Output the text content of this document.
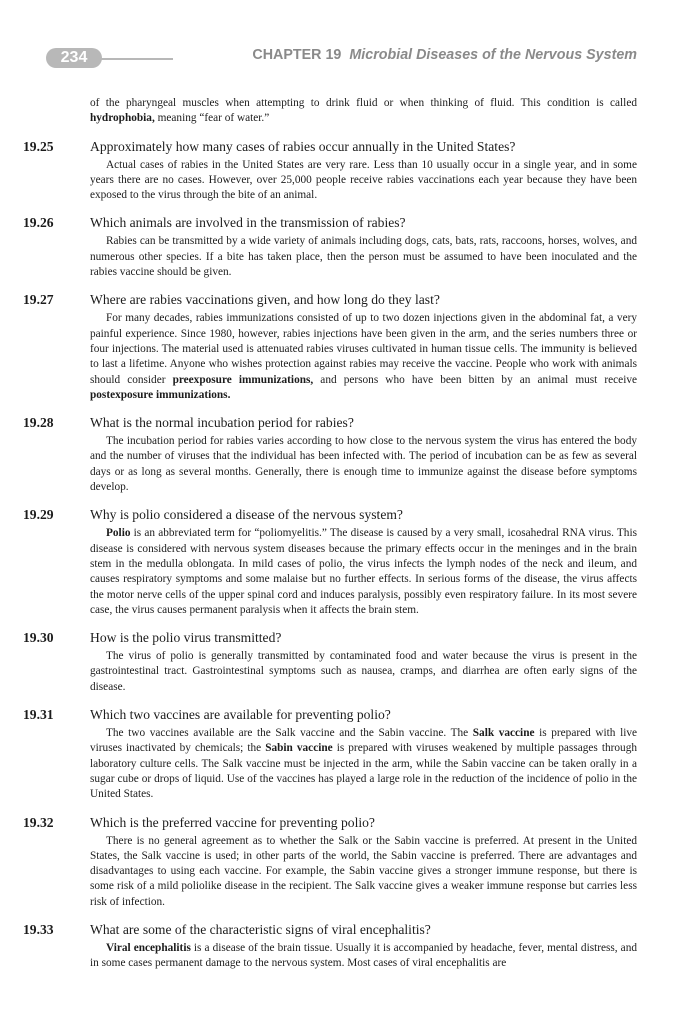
234	CHAPTER 19 Microbial Diseases of the Nervous System

of the pharyngeal muscles when attempting to drink fluid or when thinking of fluid. This condition is called hydrophobia, meaning “fear of water.”

19.25	Approximately how many cases of rabies occur annually in the United States?

Actual cases of rabies in the United States are very rare. Less than 10 usually occur in a single year, and in some years there are no cases. However, over 25,000 people receive rabies vaccinations each year because they have been exposed to the virus through the bite of an animal.

19.26	Which animals are involved in the transmission of rabies?

Rabies can be transmitted by a wide variety of animals including dogs, cats, bats, rats, raccoons, horses, wolves, and numerous other species. If a bite has taken place, then the person must be assumed to have been inoculated and the rabies vaccine should be given.

19.27	Where are rabies vaccinations given, and how long do they last?

For many decades, rabies immunizations consisted of up to two dozen injections given in the abdominal fat, a very painful experience. Since 1980, however, rabies injections have been given in the arm, and the series numbers three or four injections. The material used is attenuated rabies viruses cultivated in human tissue cells. The immunity is believed to last a lifetime. Anyone who wishes protection against rabies may receive the vaccine. People who work with animals should consider preexposure immunizations, and persons who have been bitten by an animal must receive postexposure immunizations.

19.28	What is the normal incubation period for rabies?

The incubation period for rabies varies according to how close to the nervous system the virus has entered the body and the number of viruses that the individual has been infected with. The period of incubation can be as few as several days or as long as several months. Generally, there is enough time to immunize against the disease before symptoms develop.

19.29	Why is polio considered a disease of the nervous system?

Polio is an abbreviated term for “poliomyelitis.” The disease is caused by a very small, icosahedral RNA virus. This disease is considered with nervous system diseases because the primary effects occur in the meninges and in the brain stem in the medulla oblongata. In mild cases of polio, the virus infects the lymph nodes of the neck and ileum, and causes respiratory symptoms and some malaise but no further effects. In serious forms of the disease, the virus affects the motor nerve cells of the upper spinal cord and induces paralysis, possibly even respiratory failure. In its most severe case, the virus causes permanent paralysis when it affects the brain stem.

19.30	How is the polio virus transmitted?

The virus of polio is generally transmitted by contaminated food and water because the virus is present in the gastrointestinal tract. Gastrointestinal symptoms such as nausea, cramps, and diarrhea are often early signs of the disease.

19.31	Which two vaccines are available for preventing polio?

The two vaccines available are the Salk vaccine and the Sabin vaccine. The Salk vaccine is prepared with live viruses inactivated by chemicals; the Sabin vaccine is prepared with viruses weakened by multiple passages through laboratory culture cells. The Salk vaccine must be injected in the arm, while the Sabin vaccine can be taken orally in a sugar cube or drops of liquid. Use of the vaccines has played a large role in the reduction of the incidence of polio in the United States.

19.32	Which is the preferred vaccine for preventing polio?

There is no general agreement as to whether the Salk or the Sabin vaccine is preferred. At present in the United States, the Salk vaccine is used; in other parts of the world, the Sabin vaccine is preferred. There are advantages and disadvantages to using each vaccine. For example, the Sabin vaccine gives a stronger immune response, but there is some risk of a mild poliolike disease in the recipient. The Salk vaccine gives a weaker immune response but carries less risk of infection.

19.33	What are some of the characteristic signs of viral encephalitis?

Viral encephalitis is a disease of the brain tissue. Usually it is accompanied by headache, fever, mental distress, and in some cases permanent damage to the nervous system. Most cases of viral encephalitis are
